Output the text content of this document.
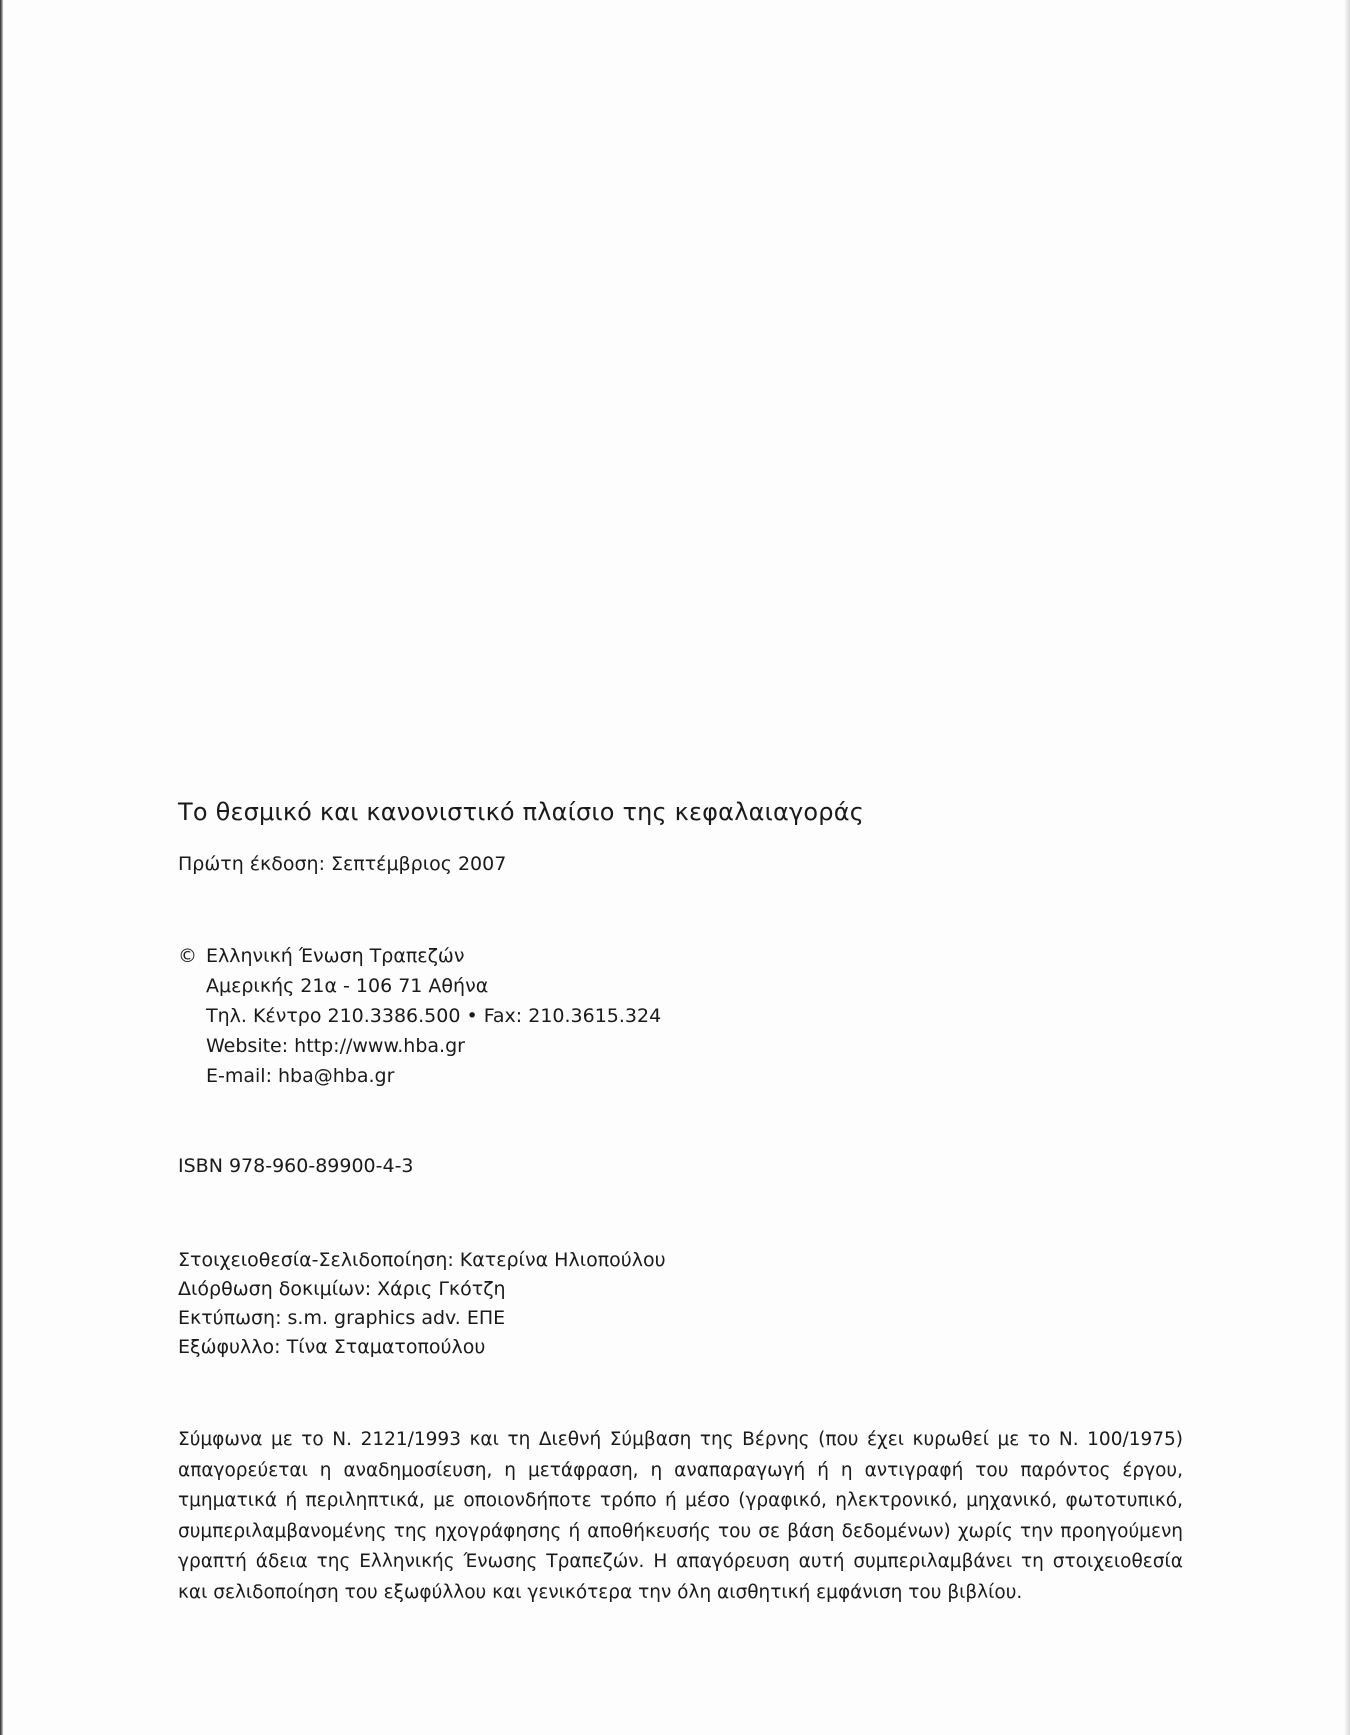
Το θεσμικό και κανονιστικό πλαίσιο της κεφαλαιαγοράς
Πρώτη έκδοση: Σεπτέμβριος 2007
© Ελληνική Ένωση Τραπεζών
Αμερικής 21α - 106 71 Αθήνα
Τηλ. Κέντρο 210.3386.500 • Fax: 210.3615.324
Website: http://www.hba.gr
E-mail: hba@hba.gr
ISBN 978-960-89900-4-3
Στοιχειοθεσία-Σελιδοποίηση: Κατερίνα Ηλιοπούλου
Διόρθωση δοκιμίων: Χάρις Γκότζη
Εκτύπωση: s.m. graphics adv. ΕΠΕ
Εξώφυλλο: Τίνα Σταματοπούλου
Σύμφωνα με το Ν. 2121/1993 και τη Διεθνή Σύμβαση της Βέρνης (που έχει κυρωθεί με το Ν. 100/1975) απαγορεύεται η αναδημοσίευση, η μετάφραση, η αναπαραγωγή ή η αντιγραφή του παρόντος έργου, τμηματικά ή περιληπτικά, με οποιονδήποτε τρόπο ή μέσο (γραφικό, ηλεκτρονικό, μηχανικό, φωτοτυπικό, συμπεριλαμβανομένης της ηχογράφησης ή αποθήκευσής του σε βάση δεδομένων) χωρίς την προηγούμενη γραπτή άδεια της Ελληνικής Ένωσης Τραπεζών. Η απαγόρευση αυτή συμπεριλαμβάνει τη στοιχειοθεσία και σελιδοποίηση του εξωφύλλου και γενικότερα την όλη αισθητική εμφάνιση του βιβλίου.
